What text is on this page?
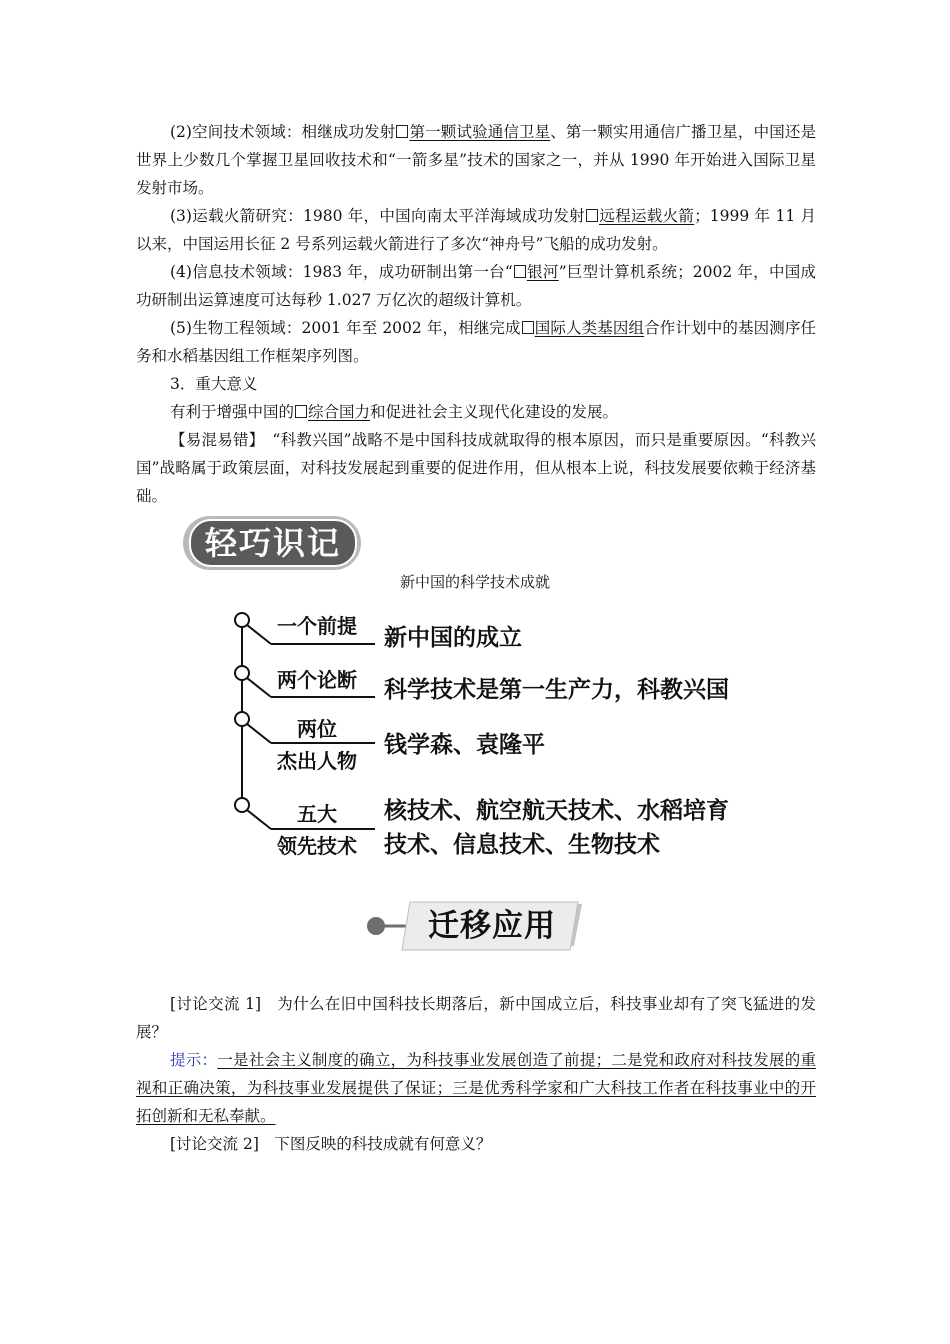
(2)空间技术领域：相继成功发射 第一颗试验通信卫星、第一颗实用通信广播卫星，中国还是世界上少数几个掌握卫星回收技术和“一箭多星”技术的国家之一，并从 1990 年开始进入国际卫星发射市场。

(3)运载火箭研究：1980 年，中国向南太平洋海域成功发射 远程运载火箭；1999 年 11 月以来，中国运用长征 2 号系列运载火箭进行了多次“神舟号”飞船的成功发射。

(4)信息技术领域：1983 年，成功研制出第一台“ 银河”巨型计算机系统；2002 年，中国成功研制出运算速度可达每秒 1.027 万亿次的超级计算机。

(5)生物工程领域：2001 年至 2002 年，相继完成 国际人类基因组合作计划中的基因测序任务和水稻基因组工作框架序列图。

3．重大意义

有利于增强中国的 综合国力和促进社会主义现代化建设的发展。

【易混易错】　“科教兴国”战略不是中国科技成就取得的根本原因，而只是重要原因。“科教兴国”战略属于政策层面，对科技发展起到重要的促进作用，但从根本上说，科技发展要依赖于经济基础。

轻巧识记
新中国的科学技术成就
一个前提	新中国的成立
两个论断	科学技术是第一生产力，科教兴国
两位
杰出人物
钱学森、袁隆平
五大
领先技术
核技术、航空航天技术、水稻培育
技术、信息技术、生物技术
迁移应用

[讨论交流 1]　为什么在旧中国科技长期落后，新中国成立后，科技事业却有了突飞猛进的发展？

提示：一是社会主义制度的确立，为科技事业发展创造了前提；二是党和政府对科技发展的重视和正确决策，为科技事业发展提供了保证；三是优秀科学家和广大科技工作者在科技事业中的开拓创新和无私奉献。

[讨论交流 2]　下图反映的科技成就有何意义？
